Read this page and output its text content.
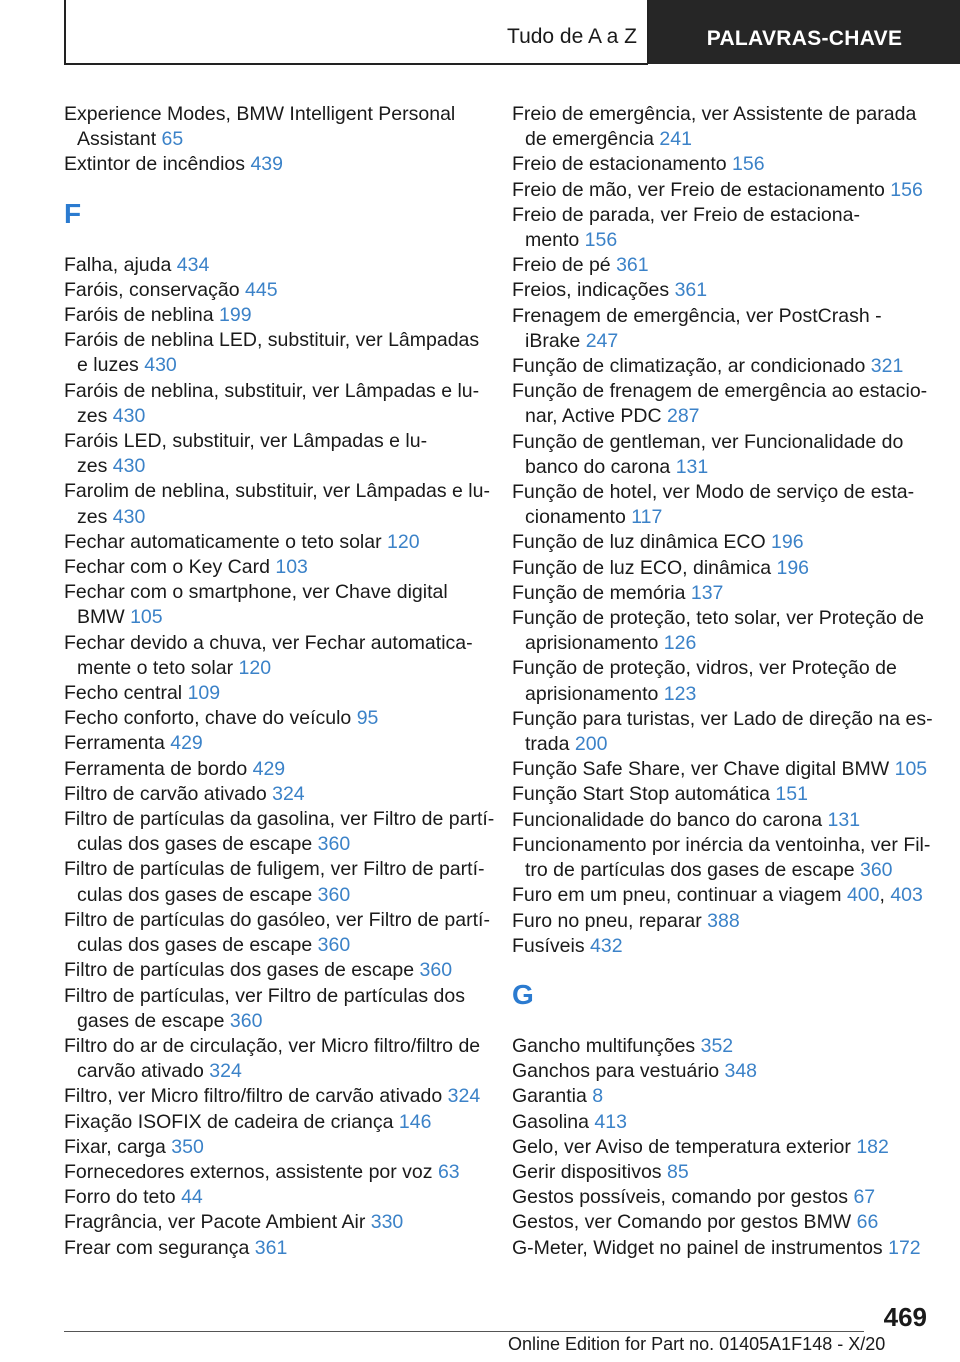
Tudo de A a Z	PALAVRAS-CHAVE
Experience Modes, BMW Intelligent Personal
Assistant 65
Extintor de incêndios 439
F
Falha, ajuda 434
Faróis, conservação 445
Faróis de neblina 199
Faróis de neblina LED, substituir, ver Lâmpadas
e luzes 430
Faróis de neblina, substituir, ver Lâmpadas e lu-
zes 430
Faróis LED, substituir, ver Lâmpadas e lu-
zes 430
Farolim de neblina, substituir, ver Lâmpadas e lu-
zes 430
Fechar automaticamente o teto solar 120
Fechar com o Key Card 103
Fechar com o smartphone, ver Chave digital
BMW 105
Fechar devido a chuva, ver Fechar automatica-
mente o teto solar 120
Fecho central 109
Fecho conforto, chave do veículo 95
Ferramenta 429
Ferramenta de bordo 429
Filtro de carvão ativado 324
Filtro de partículas da gasolina, ver Filtro de partí-
culas dos gases de escape 360
Filtro de partículas de fuligem, ver Filtro de partí-
culas dos gases de escape 360
Filtro de partículas do gasóleo, ver Filtro de partí-
culas dos gases de escape 360
Filtro de partículas dos gases de escape 360
Filtro de partículas, ver Filtro de partículas dos
gases de escape 360
Filtro do ar de circulação, ver Micro filtro/filtro de
carvão ativado 324
Filtro, ver Micro filtro/filtro de carvão ativado 324
Fixação ISOFIX de cadeira de criança 146
Fixar, carga 350
Fornecedores externos, assistente por voz 63
Forro do teto 44
Fragrância, ver Pacote Ambient Air 330
Frear com segurança 361
Freio de emergência, ver Assistente de parada
de emergência 241
Freio de estacionamento 156
Freio de mão, ver Freio de estacionamento 156
Freio de parada, ver Freio de estaciona-
mento 156
Freio de pé 361
Freios, indicações 361
Frenagem de emergência, ver PostCrash -
iBrake 247
Função de climatização, ar condicionado 321
Função de frenagem de emergência ao estacio-
nar, Active PDC 287
Função de gentleman, ver Funcionalidade do
banco do carona 131
Função de hotel, ver Modo de serviço de esta-
cionamento 117
Função de luz dinâmica ECO 196
Função de luz ECO, dinâmica 196
Função de memória 137
Função de proteção, teto solar, ver Proteção de
aprisionamento 126
Função de proteção, vidros, ver Proteção de
aprisionamento 123
Função para turistas, ver Lado de direção na es-
trada 200
Função Safe Share, ver Chave digital BMW 105
Função Start Stop automática 151
Funcionalidade do banco do carona 131
Funcionamento por inércia da ventoinha, ver Fil-
tro de partículas dos gases de escape 360
Furo em um pneu, continuar a viagem 400, 403
Furo no pneu, reparar 388
Fusíveis 432
G
Gancho multifunções 352
Ganchos para vestuário 348
Garantia 8
Gasolina 413
Gelo, ver Aviso de temperatura exterior 182
Gerir dispositivos 85
Gestos possíveis, comando por gestos 67
Gestos, ver Comando por gestos BMW 66
G-Meter, Widget no painel de instrumentos 172
469
Online Edition for Part no. 01405A1F148 - X/20
